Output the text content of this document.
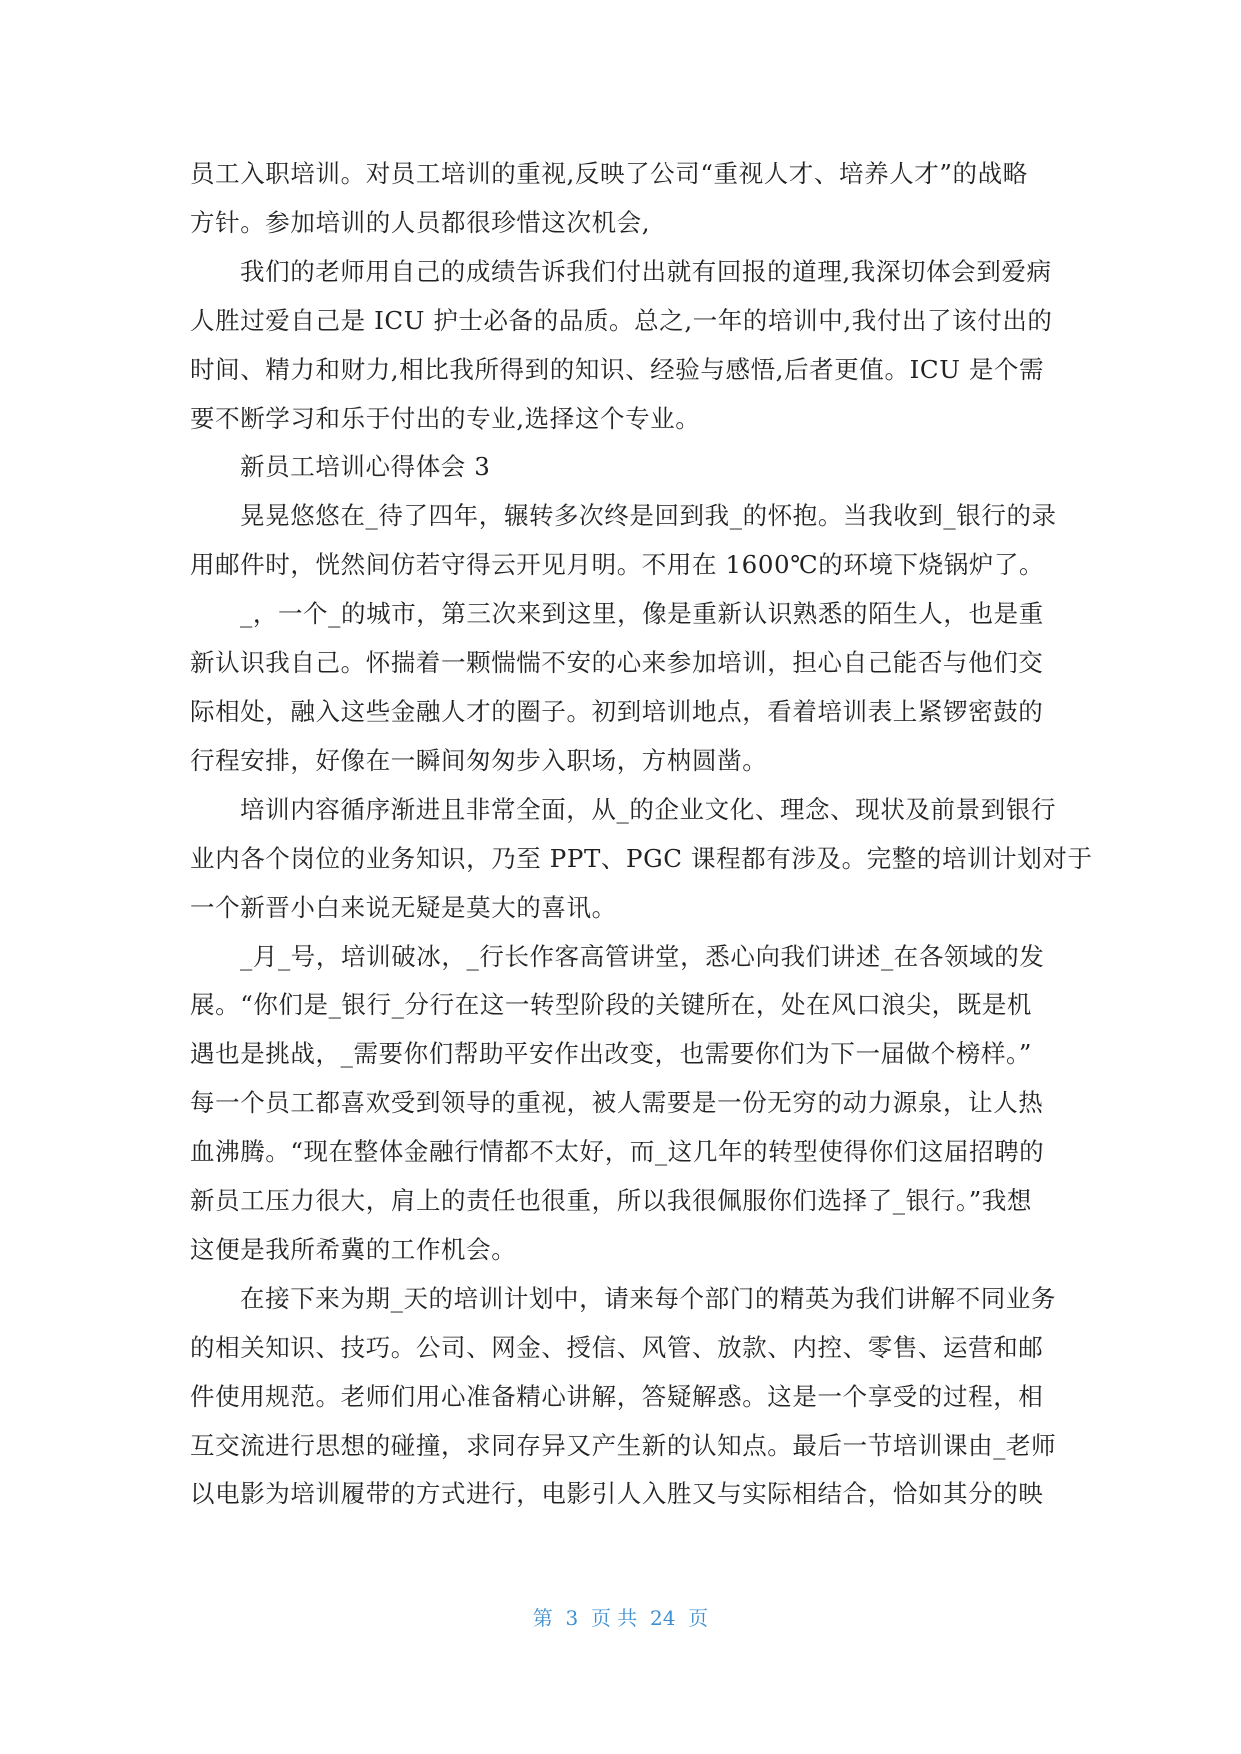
员工入职培训。对员工培训的重视,反映了公司“重视人才、培养人才”的战略
方针。参加培训的人员都很珍惜这次机会,
我们的老师用自己的成绩告诉我们付出就有回报的道理,我深切体会到爱病
人胜过爱自己是 ICU 护士必备的品质。总之,一年的培训中,我付出了该付出的
时间、精力和财力,相比我所得到的知识、经验与感悟,后者更值。ICU 是个需
要不断学习和乐于付出的专业,选择这个专业。
新员工培训心得体会 3
晃晃悠悠在_待了四年，辗转多次终是回到我_的怀抱。当我收到_银行的录
用邮件时，恍然间仿若守得云开见月明。不用在 1600℃的环境下烧锅炉了。
_，一个_的城市，第三次来到这里，像是重新认识熟悉的陌生人，也是重
新认识我自己。怀揣着一颗惴惴不安的心来参加培训，担心自己能否与他们交
际相处，融入这些金融人才的圈子。初到培训地点，看着培训表上紧锣密鼓的
行程安排，好像在一瞬间匆匆步入职场，方枘圆凿。
培训内容循序渐进且非常全面，从_的企业文化、理念、现状及前景到银行
业内各个岗位的业务知识，乃至 PPT、PGC 课程都有涉及。完整的培训计划对于
一个新晋小白来说无疑是莫大的喜讯。
_月_号，培训破冰，_行长作客高管讲堂，悉心向我们讲述_在各领域的发
展。“你们是_银行_分行在这一转型阶段的关键所在，处在风口浪尖，既是机
遇也是挑战，_需要你们帮助平安作出改变，也需要你们为下一届做个榜样。”
每一个员工都喜欢受到领导的重视，被人需要是一份无穷的动力源泉，让人热
血沸腾。“现在整体金融行情都不太好，而_这几年的转型使得你们这届招聘的
新员工压力很大，肩上的责任也很重，所以我很佩服你们选择了_银行。”我想
这便是我所希冀的工作机会。
在接下来为期_天的培训计划中，请来每个部门的精英为我们讲解不同业务
的相关知识、技巧。公司、网金、授信、风管、放款、内控、零售、运营和邮
件使用规范。老师们用心准备精心讲解，答疑解惑。这是一个享受的过程，相
互交流进行思想的碰撞，求同存异又产生新的认知点。最后一节培训课由_老师
以电影为培训履带的方式进行，电影引人入胜又与实际相结合，恰如其分的映
第  3  页 共  24  页
